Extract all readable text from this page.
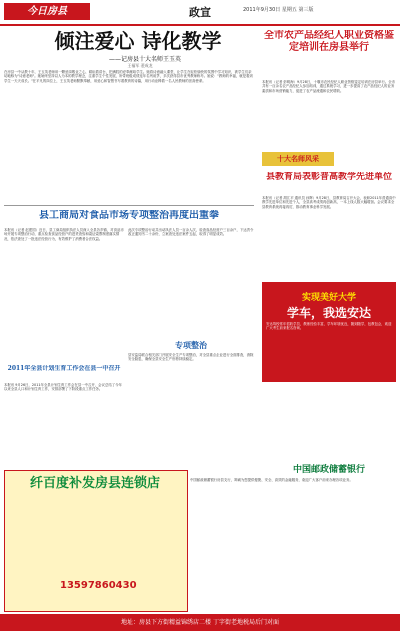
今日房县	政宣	2011年9月30日 星期五 第三版
倾注爱心 诗化教学
——记房县十大名师王玉英
王福军 裴成龙
在房县一中从教十年，王玉英老师用一颗爱岗敬业之心，耕耘着讲台，把满腔的爱奉献给学生。她将诗意融入课堂，让学生在轻松愉快的氛围中学习知识，被学生们亲切地称为"诗意老师"。她始终坚持以人为本的教学理念，注重学生个性发展，所带班级成绩连年名列前茅，多次获得县市优秀教师称号。她说："教师的幸福，就是看到学生一天天成长。"在平凡的岗位上，王玉英老师默默奉献，用爱心和智慧书写着教育的诗篇，用行动诠释着一名人民教师的崇高使命。
全市农产品经纪人职业资格鉴定培训在房县举行
本报讯（记者 彭明海）9月28日，十堰市农民经纪人职业资格鉴定培训在房县举行。全市共有一百余名农产品经纪人参加培训，通过系统学习，进一步提高了农产品经纪人的业务素质和市场营销能力，促进了农产品流通和农民增收。
十大名师风采
县教育局表彰普高教学先进单位
本报讯（记者 胡江平 通讯员 孙辉）9月28日，县教育局召开大会，表彰2011年普通高中教学先进单位和先进个人，全县高考成绩再创新高，一本上线人数大幅增加。会议要求全县教育系统再接再厉，推动教育事业科学发展。
县工商局对食品市场专项整治再度出重拳
本报讯（记者 赵建国）近日，县工商局组织执法人员深入全县各乡镇，对食品市场开展专项整治行动，重点检查食品经营户的进货查验和索证索票制度落实情况，依法查处了一批违法经营行为，有效维护了消费者合法权益。
此次专项整治行动共出动执法人员一百余人次，检查食品经营户三百余户，下达责令改正通知书二十余份，立案查处违法案件五起，取得了明显成效。
专项整治
县安监局联合相关部门开展安全生产专项整治，对全县重点企业进行全面排查，消除安全隐患，确保全县安全生产形势持续稳定。
2011年全县计划生育工作会在县一中召开
本报讯 9月26日，2011年全县计划生育工作会在县一中召开，会议总结了今年以来全县人口和计划生育工作，安排部署了下阶段重点工作任务。
实现美好大学
学车，我选安达
安达驾校常年招收学员，教练经验丰富，学车环境优良，随到随学，包教包会，欢迎广大考生前来报名咨询。
中国邮政储蓄银行
中国邮政储蓄银行房县支行，竭诚为您提供便捷、安全、高效的金融服务，欢迎广大客户前来办理各项业务。
纤百度补发房县连锁店
13597860430
地址：房县下方街精益锦绣店二楼 丁字街老地税局后门对面
